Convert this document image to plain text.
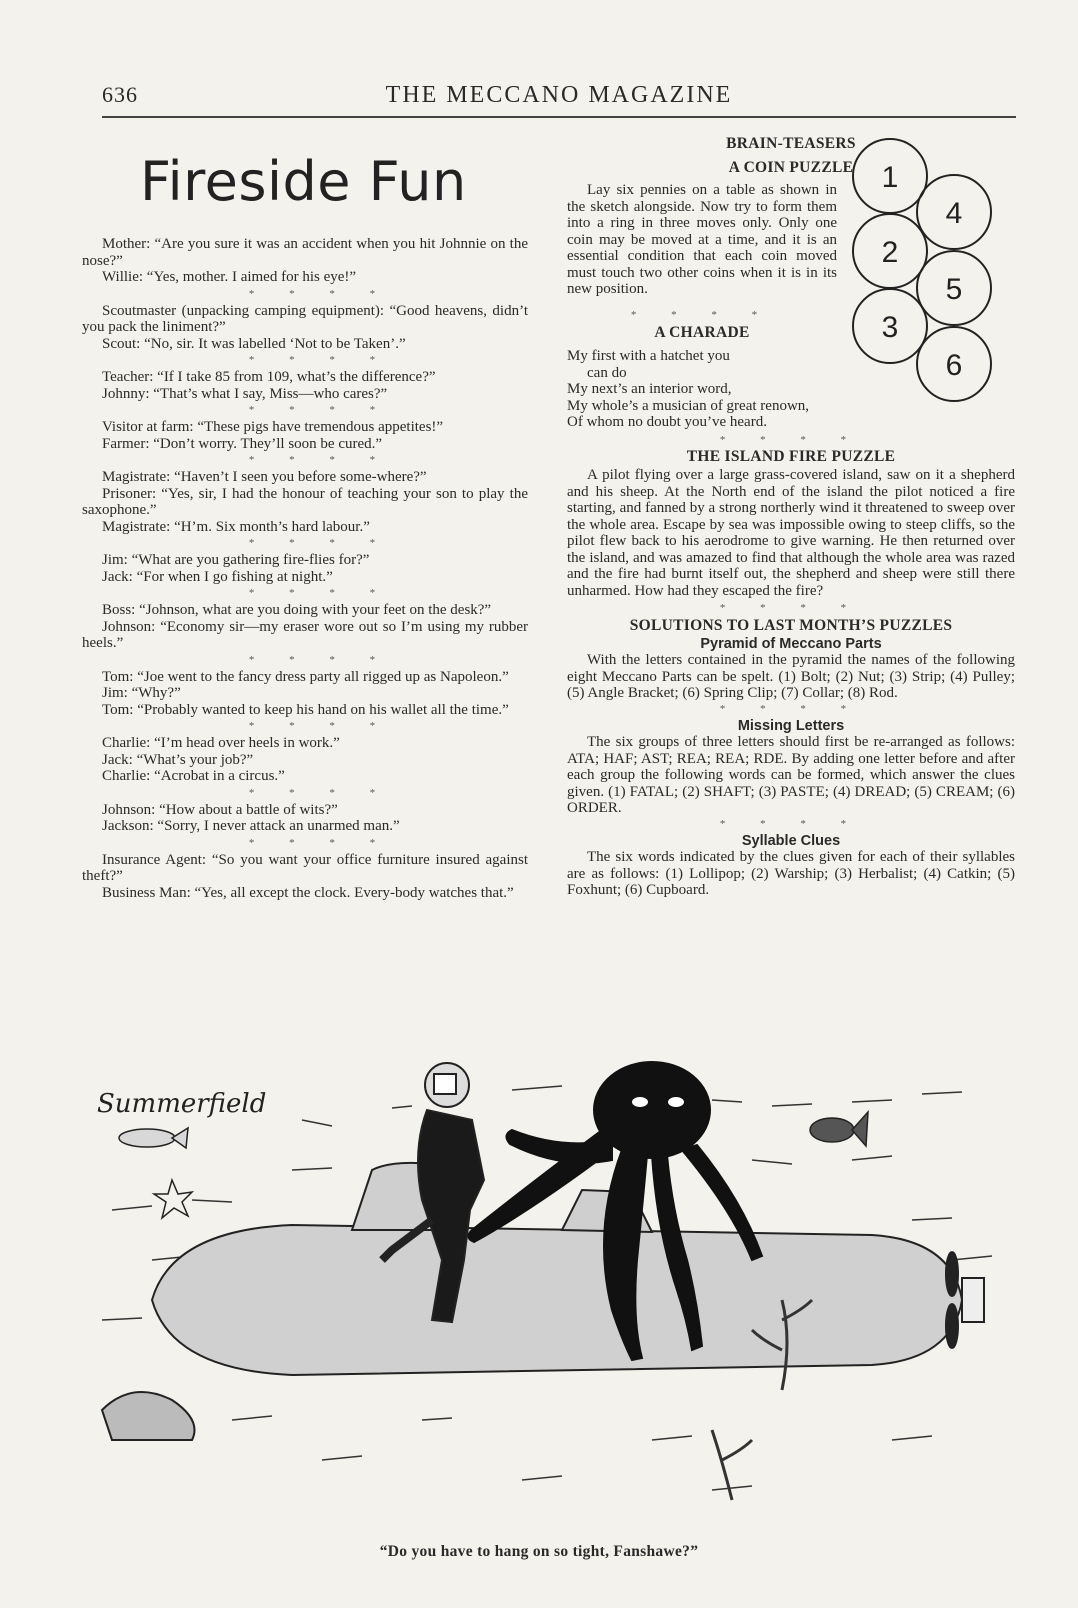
636	THE MECCANO MAGAZINE
Fireside Fun

Mother: “Are you sure it was an accident when you hit Johnnie on the nose?”

Willie: “Yes, mother. I aimed for his eye!”

* * * *

Scoutmaster (unpacking camping equipment): “Good heavens, didn’t you pack the liniment?”

Scout: “No, sir. It was labelled ‘Not to be Taken’.”

* * * *

Teacher: “If I take 85 from 109, what’s the difference?”

Johnny: “That’s what I say, Miss—who cares?”

* * * *

Visitor at farm: “These pigs have tremendous appetites!”

Farmer: “Don’t worry. They’ll soon be cured.”

* * * *

Magistrate: “Haven’t I seen you before some-where?”

Prisoner: “Yes, sir, I had the honour of teaching your son to play the saxophone.”

Magistrate: “H’m. Six month’s hard labour.”

* * * *

Jim: “What are you gathering fire-flies for?”

Jack: “For when I go fishing at night.”

* * * *

Boss: “Johnson, what are you doing with your feet on the desk?”

Johnson: “Economy sir—my eraser wore out so I’m using my rubber heels.”

* * * *

Tom: “Joe went to the fancy dress party all rigged up as Napoleon.”

Jim: “Why?”

Tom: “Probably wanted to keep his hand on his wallet all the time.”

* * * *

Charlie: “I’m head over heels in work.”

Jack: “What’s your job?”

Charlie: “Acrobat in a circus.”

* * * *

Johnson: “How about a battle of wits?”

Jackson: “Sorry, I never attack an unarmed man.”

* * * *

Insurance Agent: “So you want your office furniture insured against theft?”

Business Man: “Yes, all except the clock. Every-body watches that.”

BRAIN-TEASERS
A COIN PUZZLE

Lay six pennies on a table as shown in the sketch alongside. Now try to form them into a ring in three moves only. Only one coin may be moved at a time, and it is an essential condition that each coin moved must touch two other coins when it is in its new position.

* * * *
A CHARADE

My first with a hatchet you

can do

My next’s an interior word,

My whole’s a musician of great renown,

Of whom no doubt you’ve heard.

* * * *
THE ISLAND FIRE PUZZLE

A pilot flying over a large grass-covered island, saw on it a shepherd and his sheep. At the North end of the island the pilot noticed a fire starting, and fanned by a strong northerly wind it threatened to sweep over the whole area. Escape by sea was impossible owing to steep cliffs, so the pilot flew back to his aerodrome to give warning. He then returned over the island, and was amazed to find that although the whole area was razed and the fire had burnt itself out, the shepherd and sheep were still there unharmed. How had they escaped the fire?

* * * *
SOLUTIONS TO LAST MONTH’S PUZZLES
Pyramid of Meccano Parts

With the letters contained in the pyramid the names of the following eight Meccano Parts can be spelt. (1) Bolt; (2) Nut; (3) Strip; (4) Pulley; (5) Angle Bracket; (6) Spring Clip; (7) Collar; (8) Rod.

* * * *
Missing Letters

The six groups of three letters should first be re-arranged as follows: ATA; HAF; AST; REA; REA; RDE. By adding one letter before and after each group the following words can be formed, which answer the clues given. (1) FATAL; (2) SHAFT; (3) PASTE; (4) DREAD; (5) CREAM; (6) ORDER.

* * * *
Syllable Clues

The six words indicated by the clues given for each of their syllables are as follows: (1) Lollipop; (2) Warship; (3) Herbalist; (4) Catkin; (5) Foxhunt; (6) Cupboard.

1
4
2
5
3
6
Summerfield
“Do you have to hang on so tight, Fanshawe?”
